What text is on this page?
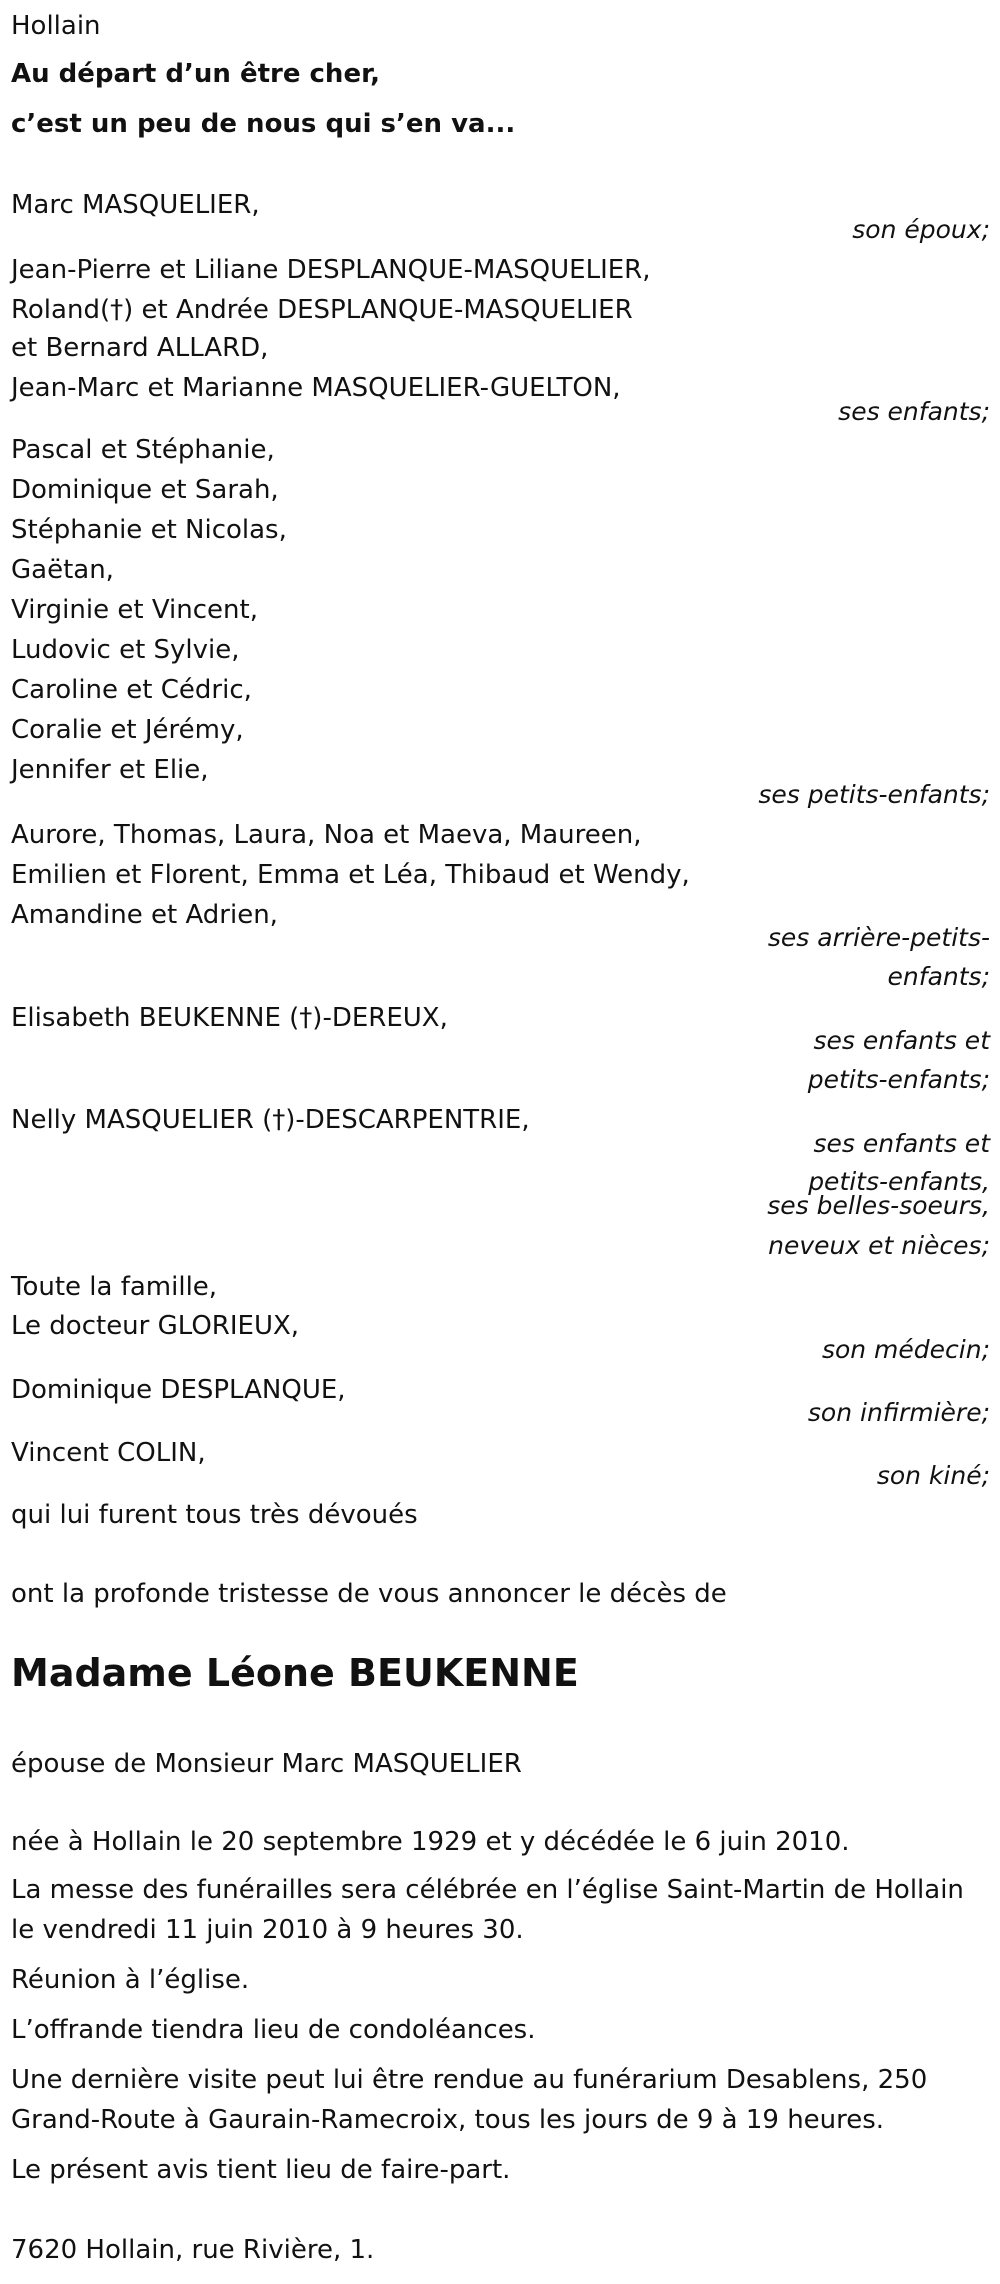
Hollain
Au départ d’un être cher,
c’est un peu de nous qui s’en va...
Marc MASQUELIER,
son époux;
Jean-Pierre et Liliane DESPLANQUE-MASQUELIER,
Roland(†) et Andrée DESPLANQUE-MASQUELIER
et Bernard ALLARD,
Jean-Marc et Marianne MASQUELIER-GUELTON,
ses enfants;
Pascal et Stéphanie,
Dominique et Sarah,
Stéphanie et Nicolas,
Gaëtan,
Virginie et Vincent,
Ludovic et Sylvie,
Caroline et Cédric,
Coralie et Jérémy,
Jennifer et Elie,
ses petits-enfants;
Aurore, Thomas, Laura, Noa et Maeva, Maureen,
Emilien et Florent, Emma et Léa, Thibaud et Wendy,
Amandine et Adrien,
ses arrière-petits-
enfants;
Elisabeth BEUKENNE (†)-DEREUX,
ses enfants et
petits-enfants;
Nelly MASQUELIER (†)-DESCARPENTRIE,
ses enfants et
petits-enfants,
ses belles-soeurs,
neveux et nièces;
Toute la famille,
Le docteur GLORIEUX,
son médecin;
Dominique DESPLANQUE,
son infirmière;
Vincent COLIN,
son kiné;
qui lui furent tous très dévoués
ont la profonde tristesse de vous annoncer le décès de
Madame Léone BEUKENNE
épouse de Monsieur Marc MASQUELIER
née à Hollain le 20 septembre 1929 et y décédée le 6 juin 2010.
La messe des funérailles sera célébrée en l’église Saint-Martin de Hollain
le vendredi 11 juin 2010 à 9 heures 30.
Réunion à l’église.
L’offrande tiendra lieu de condoléances.
Une dernière visite peut lui être rendue au funérarium Desablens, 250
Grand-Route à Gaurain-Ramecroix, tous les jours de 9 à 19 heures.
Le présent avis tient lieu de faire-part.
7620 Hollain, rue Rivière, 1.
